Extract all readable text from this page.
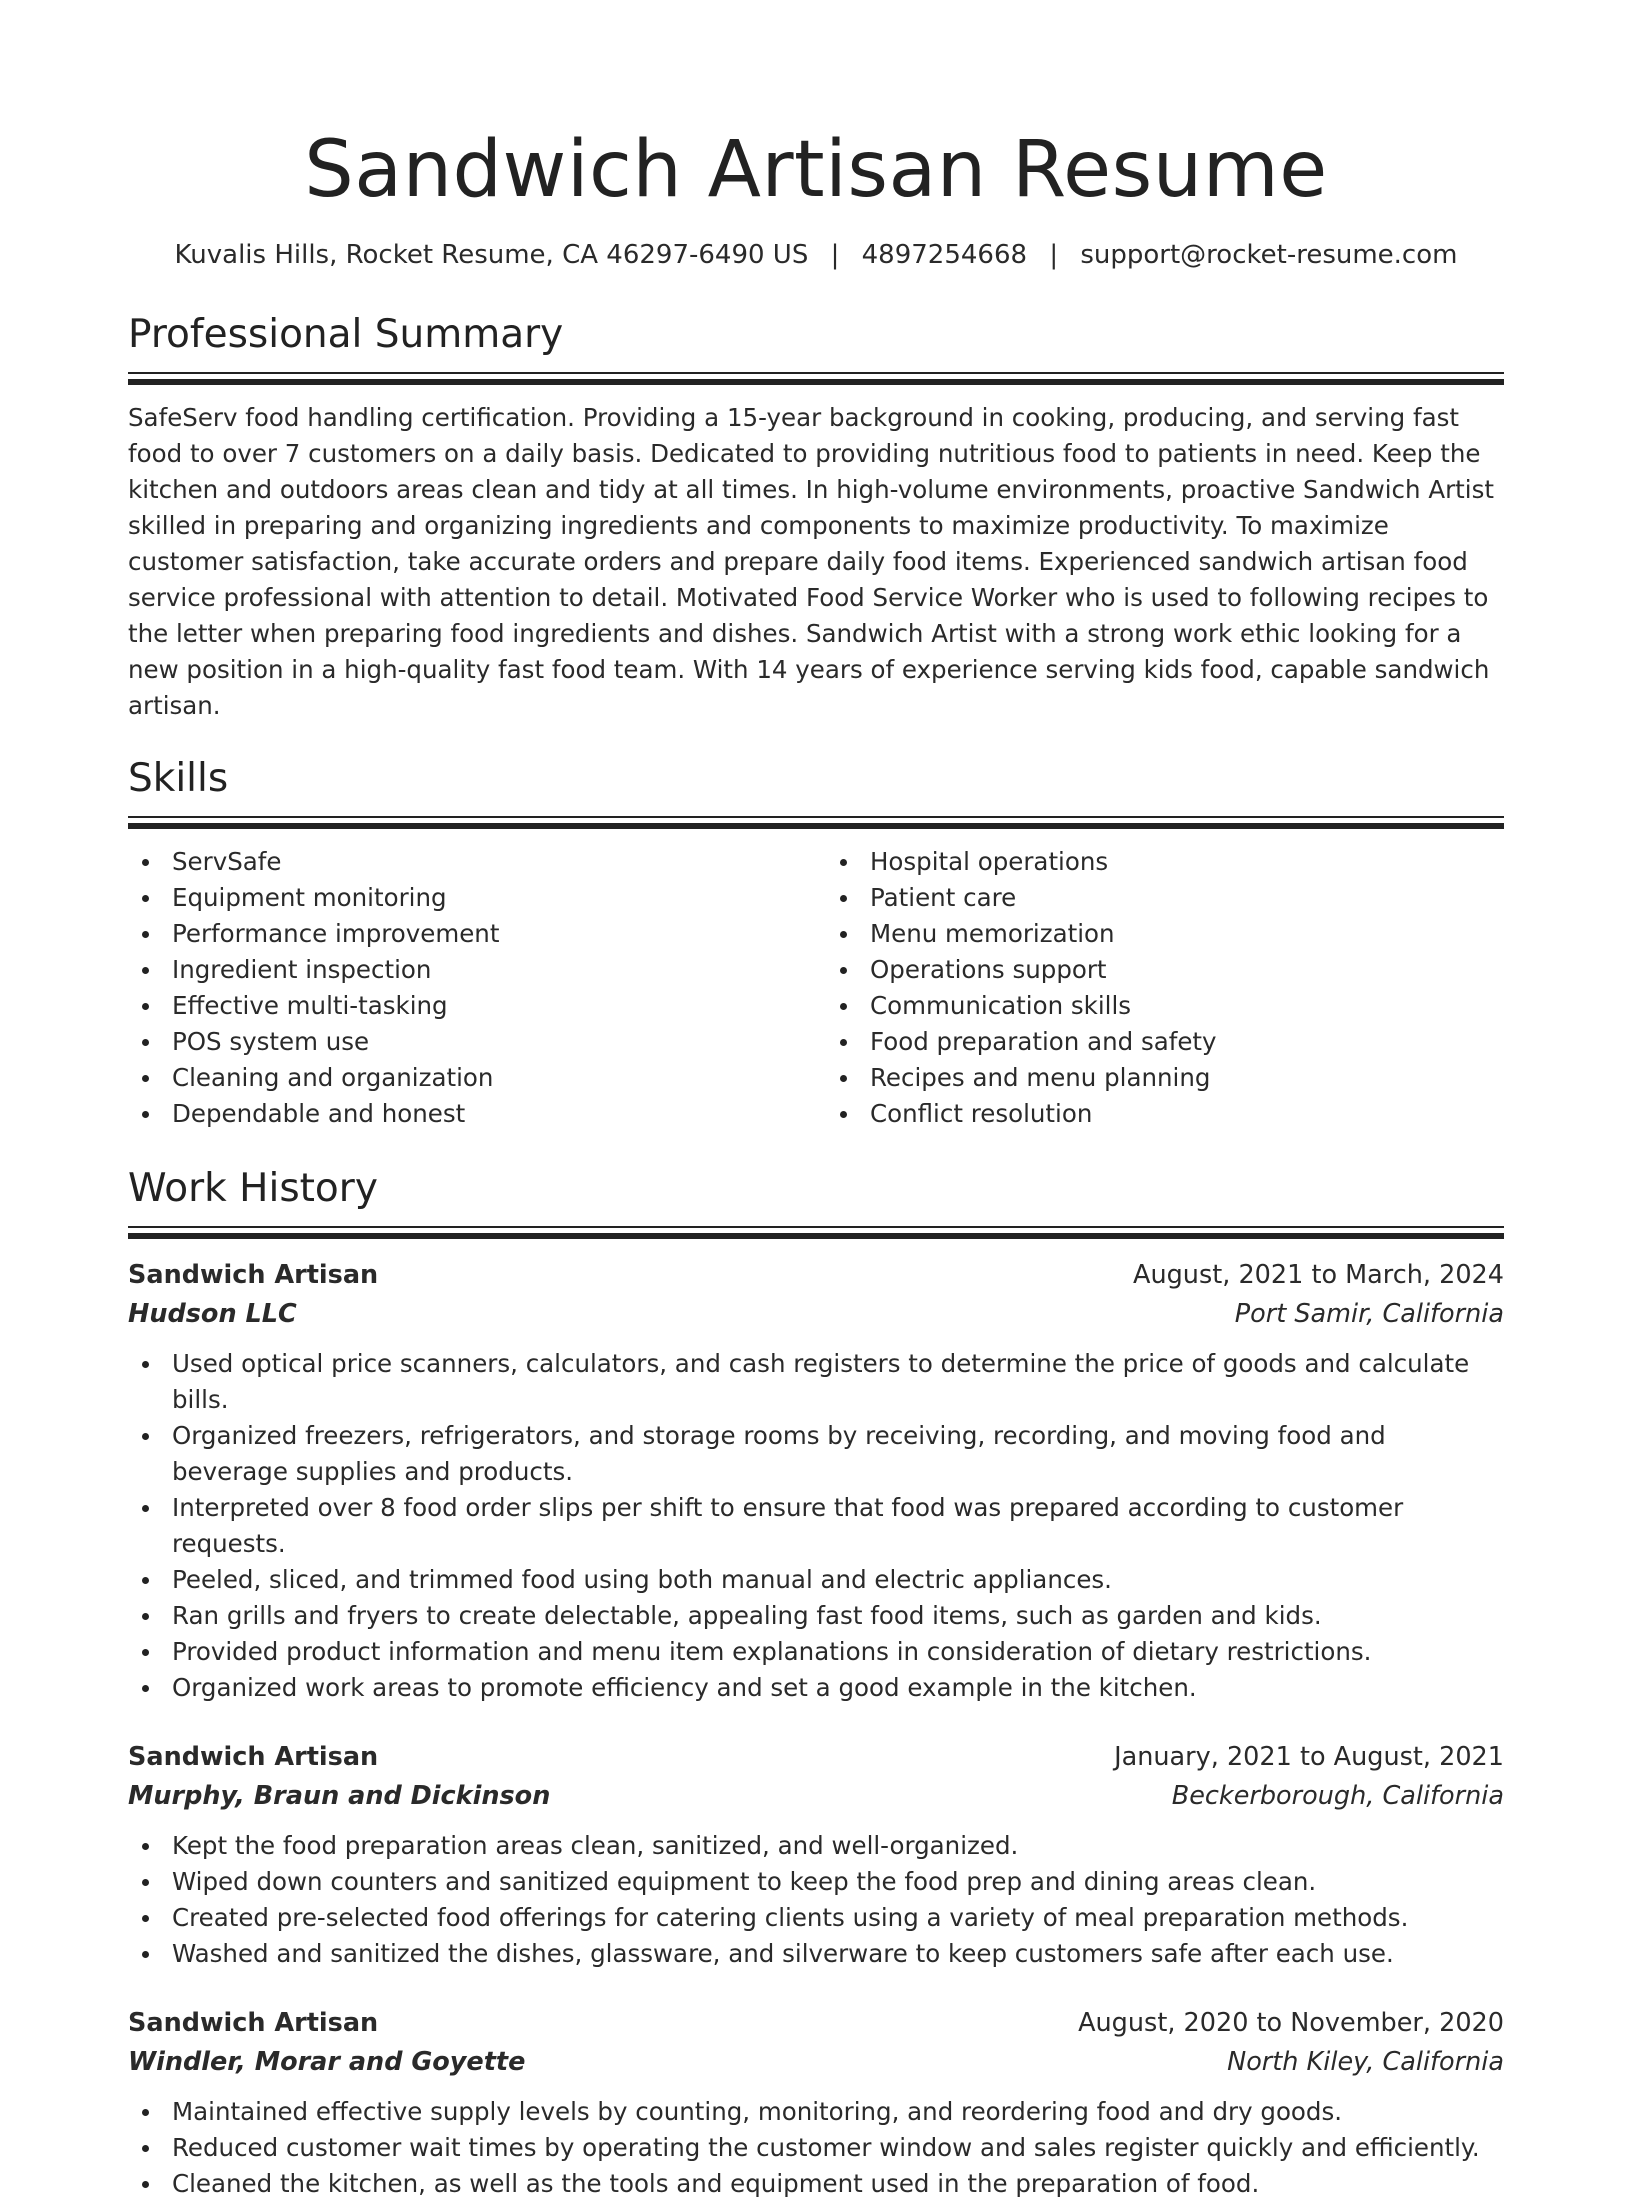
Sandwich Artisan Resume
Kuvalis Hills, Rocket Resume, CA 46297-6490 US | 4897254668 | support@rocket-resume.com
Professional Summary

SafeServ food handling certification. Providing a 15-year background in cooking, producing, and serving fast food to over 7 customers on a daily basis. Dedicated to providing nutritious food to patients in need. Keep the kitchen and outdoors areas clean and tidy at all times. In high-volume environments, proactive Sandwich Artist skilled in preparing and organizing ingredients and components to maximize productivity. To maximize customer satisfaction, take accurate orders and prepare daily food items. Experienced sandwich artisan food service professional with attention to detail. Motivated Food Service Worker who is used to following recipes to the letter when preparing food ingredients and dishes. Sandwich Artist with a strong work ethic looking for a new position in a high-quality fast food team. With 14 years of experience serving kids food, capable sandwich artisan.

Skills
ServSafe
Equipment monitoring
Performance improvement
Ingredient inspection
Effective multi-tasking
POS system use
Cleaning and organization
Dependable and honest
Hospital operations
Patient care
Menu memorization
Operations support
Communication skills
Food preparation and safety
Recipes and menu planning
Conflict resolution
Work History
Sandwich Artisan	August, 2021 to March, 2024
Hudson LLC	Port Samir, California
Used optical price scanners, calculators, and cash registers to determine the price of goods and calculate bills.
Organized freezers, refrigerators, and storage rooms by receiving, recording, and moving food and beverage supplies and products.
Interpreted over 8 food order slips per shift to ensure that food was prepared according to customer requests.
Peeled, sliced, and trimmed food using both manual and electric appliances.
Ran grills and fryers to create delectable, appealing fast food items, such as garden and kids.
Provided product information and menu item explanations in consideration of dietary restrictions.
Organized work areas to promote efficiency and set a good example in the kitchen.
Sandwich Artisan	January, 2021 to August, 2021
Murphy, Braun and Dickinson	Beckerborough, California
Kept the food preparation areas clean, sanitized, and well-organized.
Wiped down counters and sanitized equipment to keep the food prep and dining areas clean.
Created pre-selected food offerings for catering clients using a variety of meal preparation methods.
Washed and sanitized the dishes, glassware, and silverware to keep customers safe after each use.
Sandwich Artisan	August, 2020 to November, 2020
Windler, Morar and Goyette	North Kiley, California
Maintained effective supply levels by counting, monitoring, and reordering food and dry goods.
Reduced customer wait times by operating the customer window and sales register quickly and efficiently.
Cleaned the kitchen, as well as the tools and equipment used in the preparation of food.
